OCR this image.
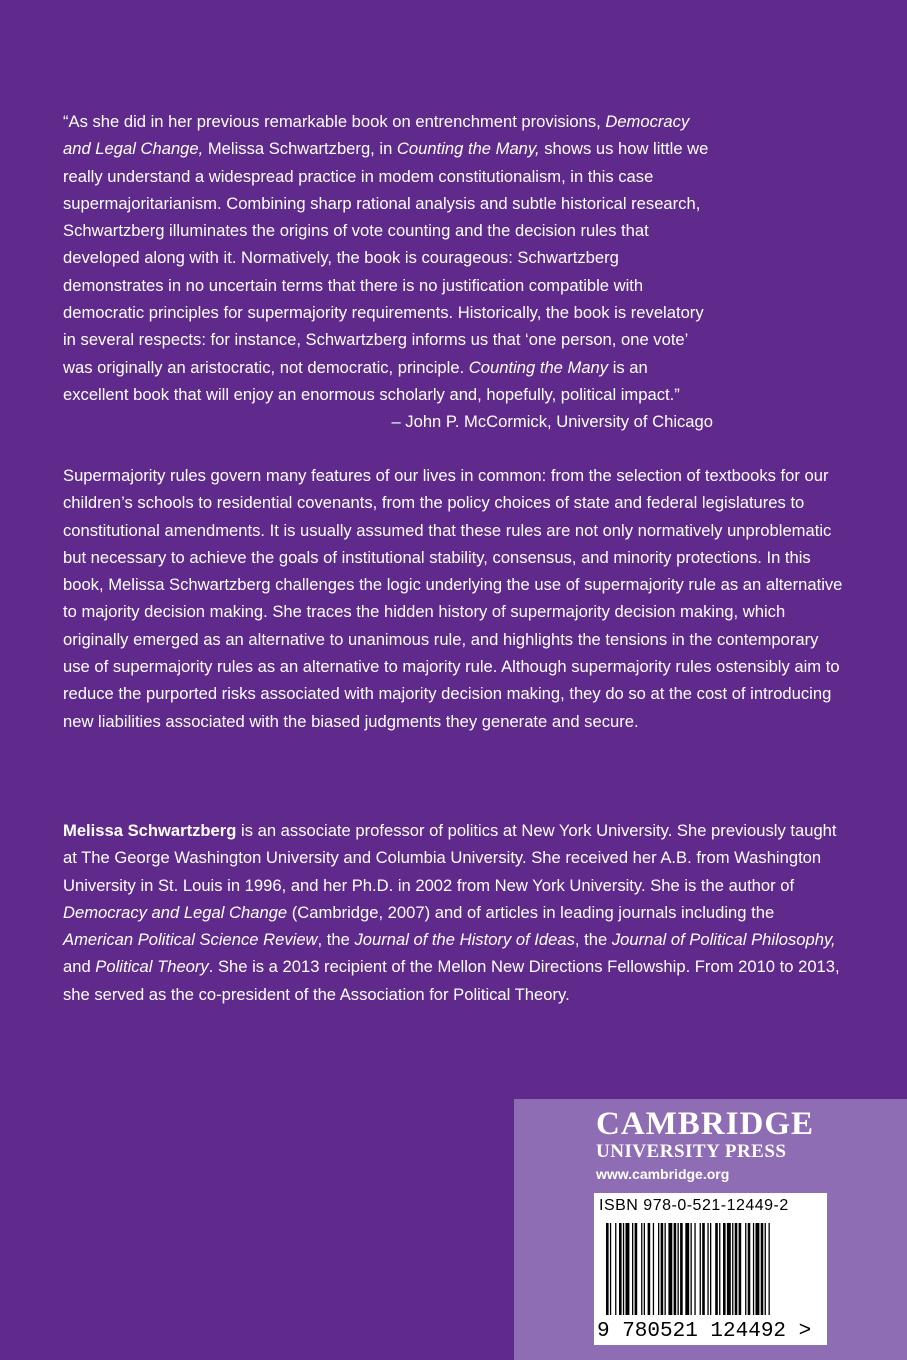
“As she did in her previous remarkable book on entrenchment provisions, Democracy and Legal Change, Melissa Schwartzberg, in Counting the Many, shows us how little we really understand a widespread practice in modem constitutionalism, in this case supermajoritarianism. Combining sharp rational analysis and subtle historical research, Schwartzberg illuminates the origins of vote counting and the decision rules that developed along with it. Normatively, the book is courageous: Schwartzberg demonstrates in no uncertain terms that there is no justification compatible with democratic principles for supermajority requirements. Historically, the book is revelatory in several respects: for instance, Schwartzberg informs us that ‘one person, one vote’ was originally an aristocratic, not democratic, principle. Counting the Many is an excellent book that will enjoy an enormous scholarly and, hopefully, political impact.”

– John P. McCormick, University of Chicago

Supermajority rules govern many features of our lives in common: from the selection of textbooks for our children’s schools to residential covenants, from the policy choices of state and federal legislatures to constitutional amendments. It is usually assumed that these rules are not only normatively unproblematic but necessary to achieve the goals of institutional stability, consensus, and minority protections. In this book, Melissa Schwartzberg challenges the logic underlying the use of supermajority rule as an alternative to majority decision making. She traces the hidden history of supermajority decision making, which originally emerged as an alternative to unanimous rule, and highlights the tensions in the contemporary use of supermajority rules as an alternative to majority rule. Although supermajority rules ostensibly aim to reduce the purported risks associated with majority decision making, they do so at the cost of introducing new liabilities associated with the biased judgments they generate and secure.

Melissa Schwartzberg is an associate professor of politics at New York University. She previously taught at The George Washington University and Columbia University. She received her A.B. from Washington University in St. Louis in 1996, and her Ph.D. in 2002 from New York University. She is the author of Democracy and Legal Change (Cambridge, 2007) and of articles in leading journals including the American Political Science Review, the Journal of the History of Ideas, the Journal of Political Philosophy, and Political Theory. She is a 2013 recipient of the Mellon New Directions Fellowship. From 2010 to 2013, she served as the co-president of the Association for Political Theory.

CAMBRIDGE
UNIVERSITY PRESS
www.cambridge.org
ISBN 978-0-521-12449-2
9 780521 124492 >
